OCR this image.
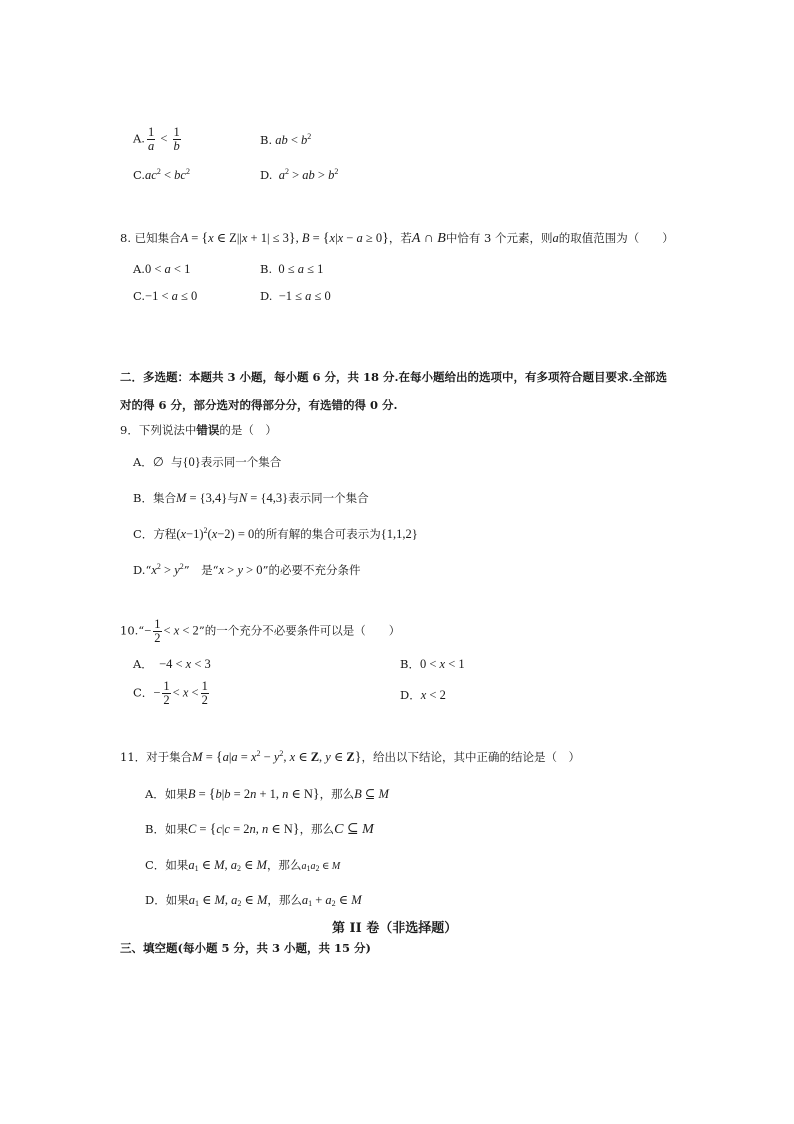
A. $\frac{1}{a} < \frac{1}{b}$	B. ab < $b^2$
$C.ac^2 < bc^2$	D.  $a^2$ > ab > $b^2$
8. 已知集合A = {x ∈ Z||x + 1| ≤ 3}, B = {x|x − a ≥ 0}，若A ∩ B中恰有 3 个元素，则a的取值范围为（　　）
A.0 < a < 1	B. 0 ≤ a ≤ 1
C.−1 < a ≤ 0	D. −1 ≤ a ≤ 0
二．多选题：本题共 3 小题，每小题 6 分，共 18 分.在每小题给出的选项中，有多项符合题目要求.全部选
对的得 6 分，部分选对的得部分分，有选错的得 0 分.
9．下列说法中错误的是（　）
A．∅ 与{0}表示同一个集合
B．集合M = {3,4}与N = {4,3}表示同一个集合
C．方程$(x-1)^2(x-2) = 0$的所有解的集合可表示为{1,1,2}
$D.“x^2 > y^2$”　是“x > y > 0”的必要不充分条件
10.“− $\frac{1}{2} < x < 2$”的一个充分不必要条件可以是（　　）
A． −4 < x < 3	B．0 < x < 1
C．− $\frac{1}{2} < x < \frac{1}{2}$	D．x < 2
11．对于集合$M = \{a|a = x^2 - y^2$, x ∈ Z, y ∈ Z}，给出以下结论，其中正确的结论是（　）
A．如果B = {b|b = 2n + 1, n ∈ N}，那么B ⊆ M
B．如果C = {c|c = 2n, n ∈ N}，那么C ⊆ M
C．如果$a_1$ ∈ M, $a_2$ ∈ M，那么$a_1a_2$ ∈ M
D．如果$a_1$ ∈ M, $a_2$ ∈ M，那么$a_1 + a_2$ ∈ M
第 II 卷（非选择题）
三、填空题(每小题 5 分，共 3 小题，共 15 分)
